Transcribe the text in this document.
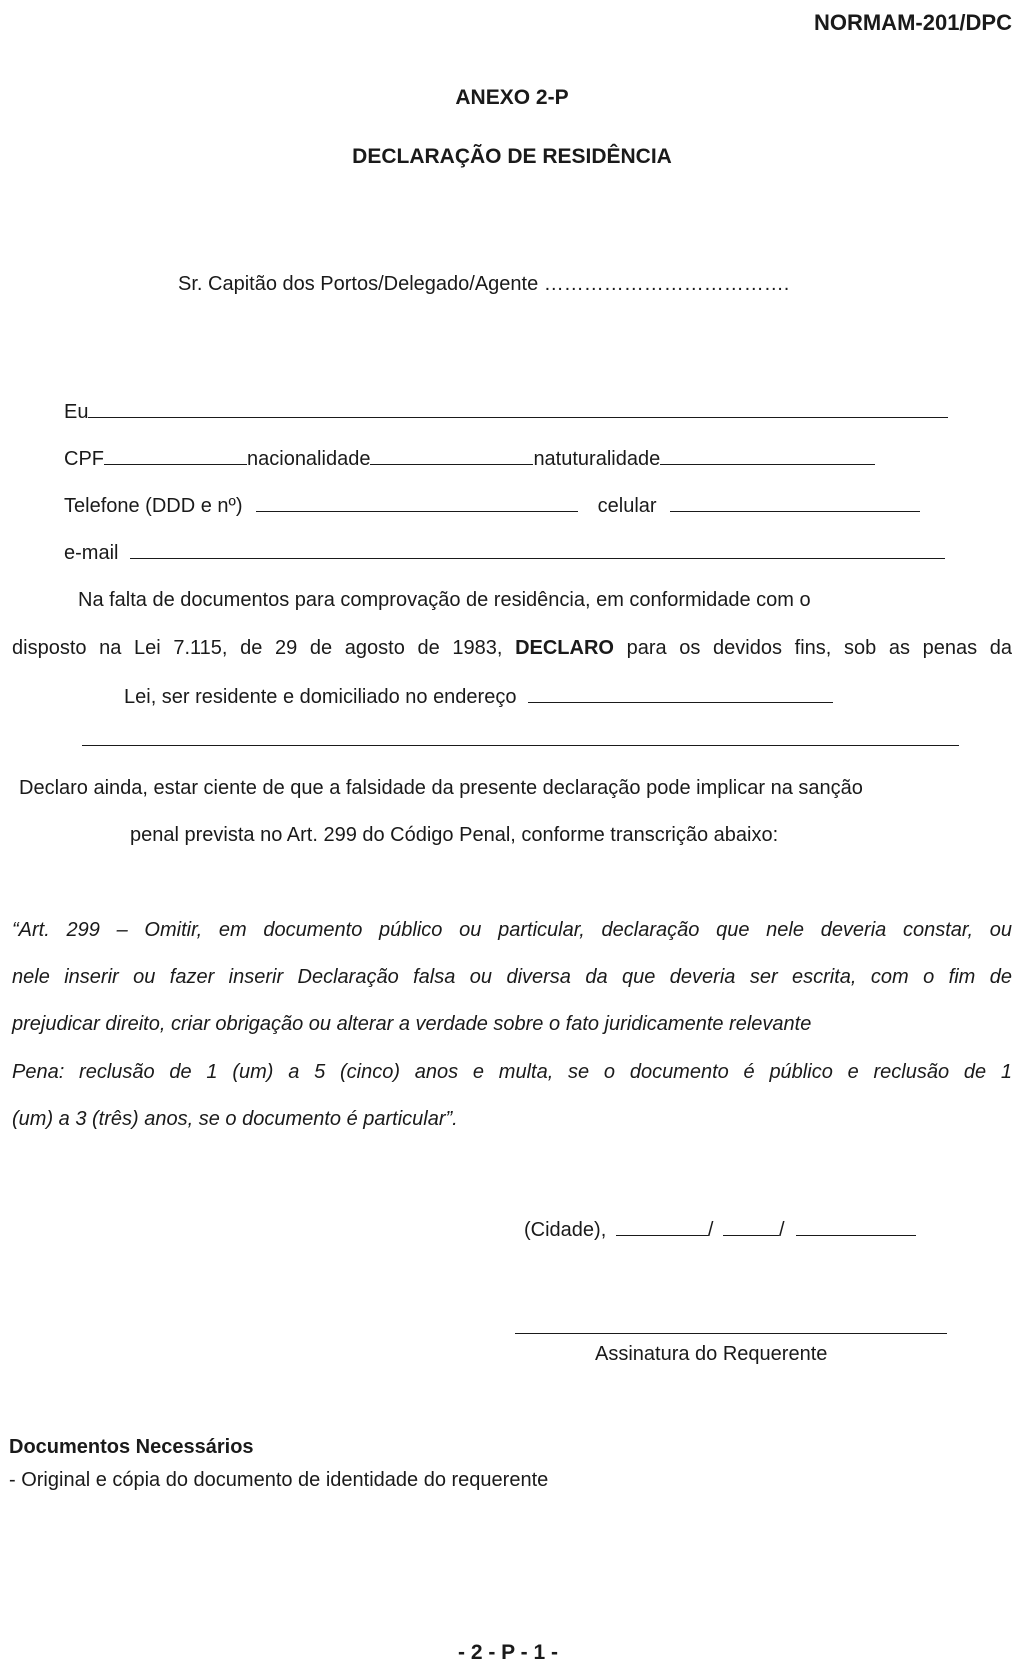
NORMAM-201/DPC
ANEXO 2-P
DECLARAÇÃO DE RESIDÊNCIA
Sr. Capitão dos Portos/Delegado/Agente ……………………………….
Eu
CPF	nacionalidade	natuturalidade
Telefone (DDD e nº)	celular
e-mail
Na falta de documentos para comprovação de residência, em conformidade com o
disposto na Lei 7.115, de 29 de agosto de 1983, DECLARO para os devidos fins, sob as penas da
Lei, ser residente e domiciliado no endereço
Declaro ainda, estar ciente de que a falsidade da presente declaração pode implicar na sanção
penal prevista no Art. 299 do Código Penal, conforme transcrição abaixo:
“Art. 299 – Omitir, em documento público ou particular, declaração que nele deveria constar, ou
nele inserir ou fazer inserir Declaração falsa ou diversa da que deveria ser escrita, com o fim de
prejudicar direito, criar obrigação ou alterar a verdade sobre o fato juridicamente relevante
Pena: reclusão de 1 (um) a 5 (cinco) anos e multa, se o documento é público e reclusão de 1
(um) a 3 (três) anos, se o documento é particular”.
(Cidade),	/	/
Assinatura do Requerente
Documentos Necessários
- Original e cópia do documento de identidade do requerente
- 2 - P - 1 -
